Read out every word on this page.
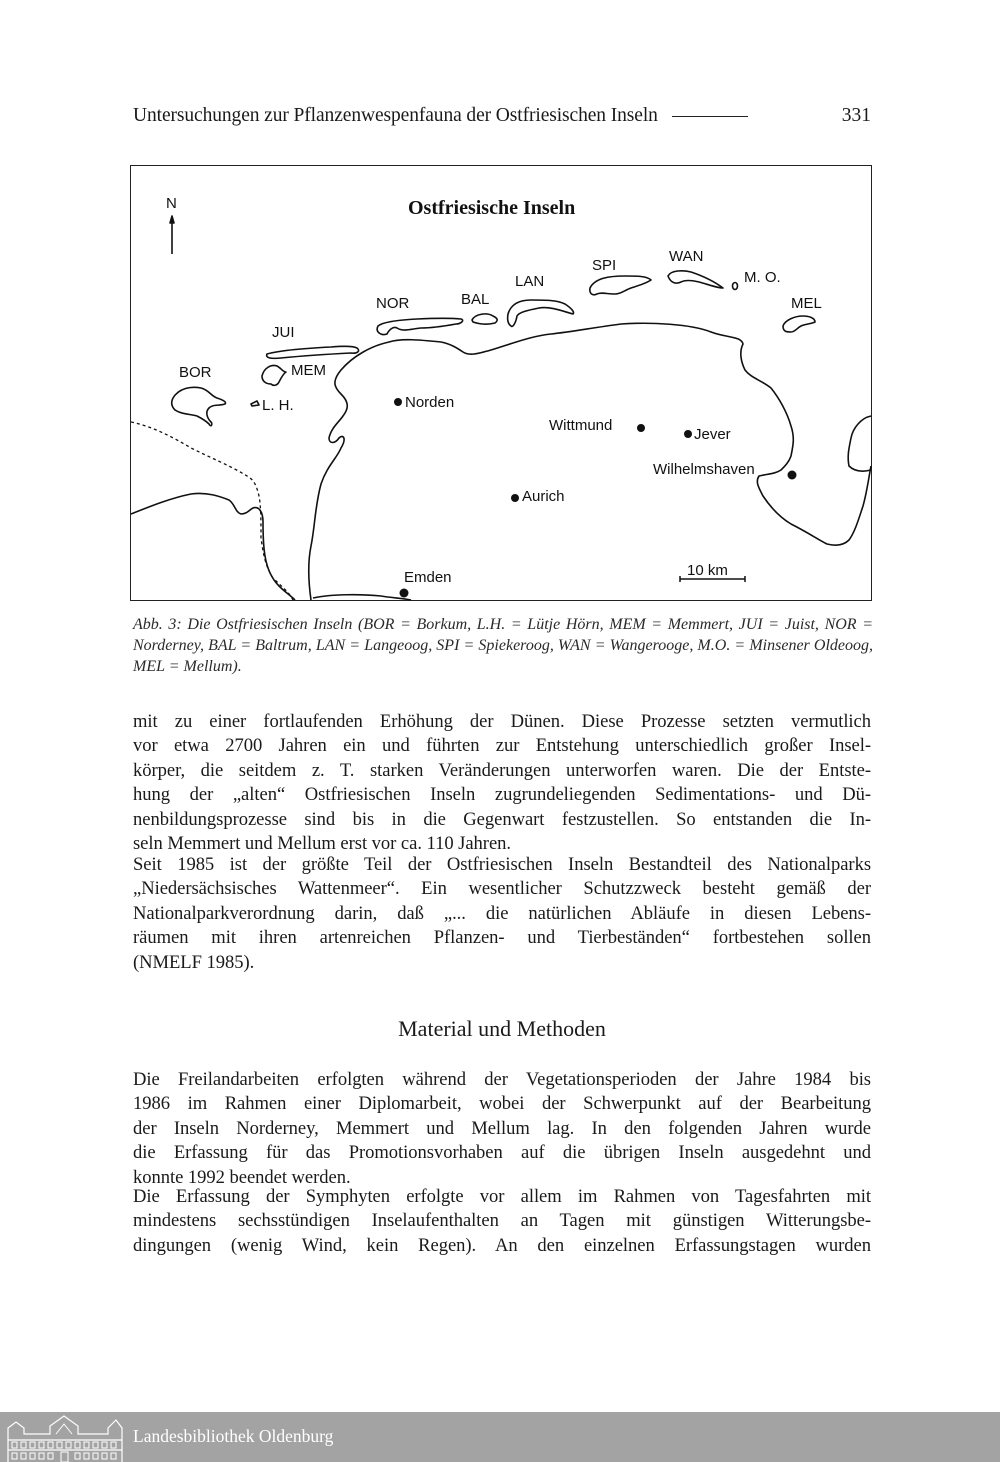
Untersuchungen zur Pflanzenwespenfauna der Ostfriesischen Inseln	331
N	Ostfriesische Inseln
BOR
L. H.
MEM
JUI
NOR	BAL
LAN
SPI
WAN
M. O.
MEL
Norden
Wittmund
Jever
Wilhelmshaven
Aurich
Emden	10 km
Abb. 3: Die Ostfriesischen Inseln (BOR = Borkum, L.H. = Lütje Hörn, MEM = Memmert, JUI = Juist, NOR = Norderney, BAL = Baltrum, LAN = Langeoog, SPI = Spiekeroog, WAN = Wangerooge, M.O. = Minsener Oldeoog, MEL = Mellum).
mit zu einer fortlaufenden Erhöhung der Dünen. Diese Prozesse setzten vermutlich
vor etwa 2700 Jahren ein und führten zur Entstehung unterschiedlich großer Insel-
körper, die seitdem z. T. starken Veränderungen unterworfen waren. Die der Entste-
hung der „alten“ Ostfriesischen Inseln zugrundeliegenden Sedimentations- und Dü-
nenbildungsprozesse sind bis in die Gegenwart festzustellen. So entstanden die In-
seln Memmert und Mellum erst vor ca. 110 Jahren.
Seit 1985 ist der größte Teil der Ostfriesischen Inseln Bestandteil des Nationalparks
„Niedersächsisches Wattenmeer“. Ein wesentlicher Schutzzweck besteht gemäß der
Nationalparkverordnung darin, daß „... die natürlichen Abläufe in diesen Lebens-
räumen mit ihren artenreichen Pflanzen- und Tierbeständen“ fortbestehen sollen
(NMELF 1985).
Material und Methoden
Die Freilandarbeiten erfolgten während der Vegetationsperioden der Jahre 1984 bis
1986 im Rahmen einer Diplomarbeit, wobei der Schwerpunkt auf der Bearbeitung
der Inseln Norderney, Memmert und Mellum lag. In den folgenden Jahren wurde
die Erfassung für das Promotionsvorhaben auf die übrigen Inseln ausgedehnt und
konnte 1992 beendet werden.
Die Erfassung der Symphyten erfolgte vor allem im Rahmen von Tagesfahrten mit
mindestens sechsstündigen Inselaufenthalten an Tagen mit günstigen Witterungsbe-
dingungen (wenig Wind, kein Regen). An den einzelnen Erfassungstagen wurden
Landesbibliothek Oldenburg
